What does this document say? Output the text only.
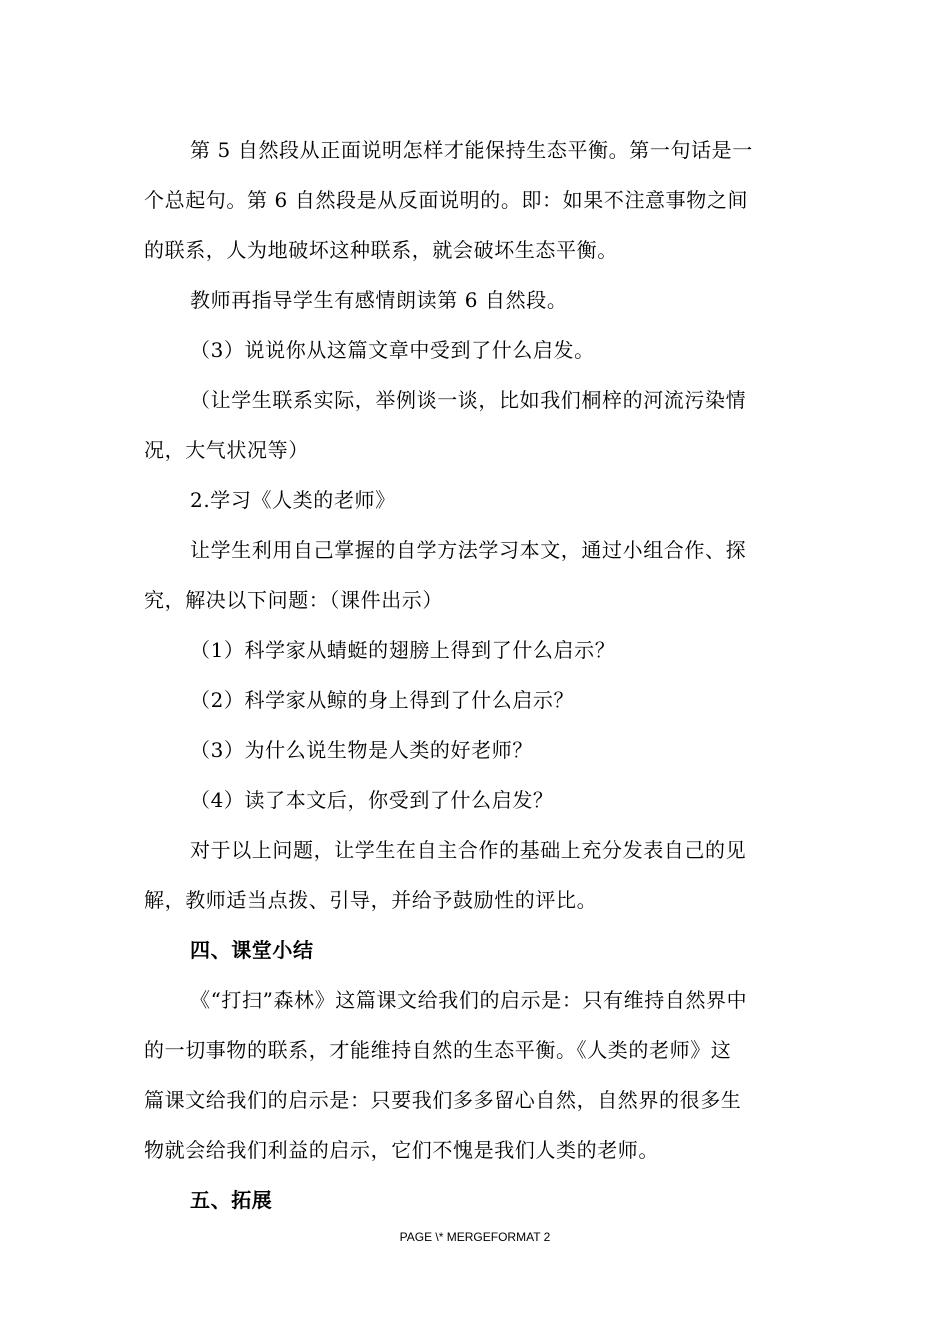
第 5 自然段从正面说明怎样才能保持生态平衡。第一句话是一
个总起句。第 6 自然段是从反面说明的。即：如果不注意事物之间
的联系，人为地破坏这种联系，就会破坏生态平衡。
教师再指导学生有感情朗读第 6 自然段。
（3）说说你从这篇文章中受到了什么启发。
（让学生联系实际，举例谈一谈，比如我们桐梓的河流污染情
况，大气状况等）
2.学习《人类的老师》
让学生利用自己掌握的自学方法学习本文，通过小组合作、探
究，解决以下问题：（课件出示）
（1）科学家从蜻蜓的翅膀上得到了什么启示？
（2）科学家从鲸的身上得到了什么启示？
（3）为什么说生物是人类的好老师？
（4）读了本文后，你受到了什么启发？
对于以上问题，让学生在自主合作的基础上充分发表自己的见
解，教师适当点拨、引导，并给予鼓励性的评比。
四、课堂小结
《“打扫”森林》这篇课文给我们的启示是：只有维持自然界中
的一切事物的联系，才能维持自然的生态平衡。《人类的老师》这
篇课文给我们的启示是：只要我们多多留心自然，自然界的很多生
物就会给我们利益的启示，它们不愧是我们人类的老师。
五、拓展
PAGE \* MERGEFORMAT 2
